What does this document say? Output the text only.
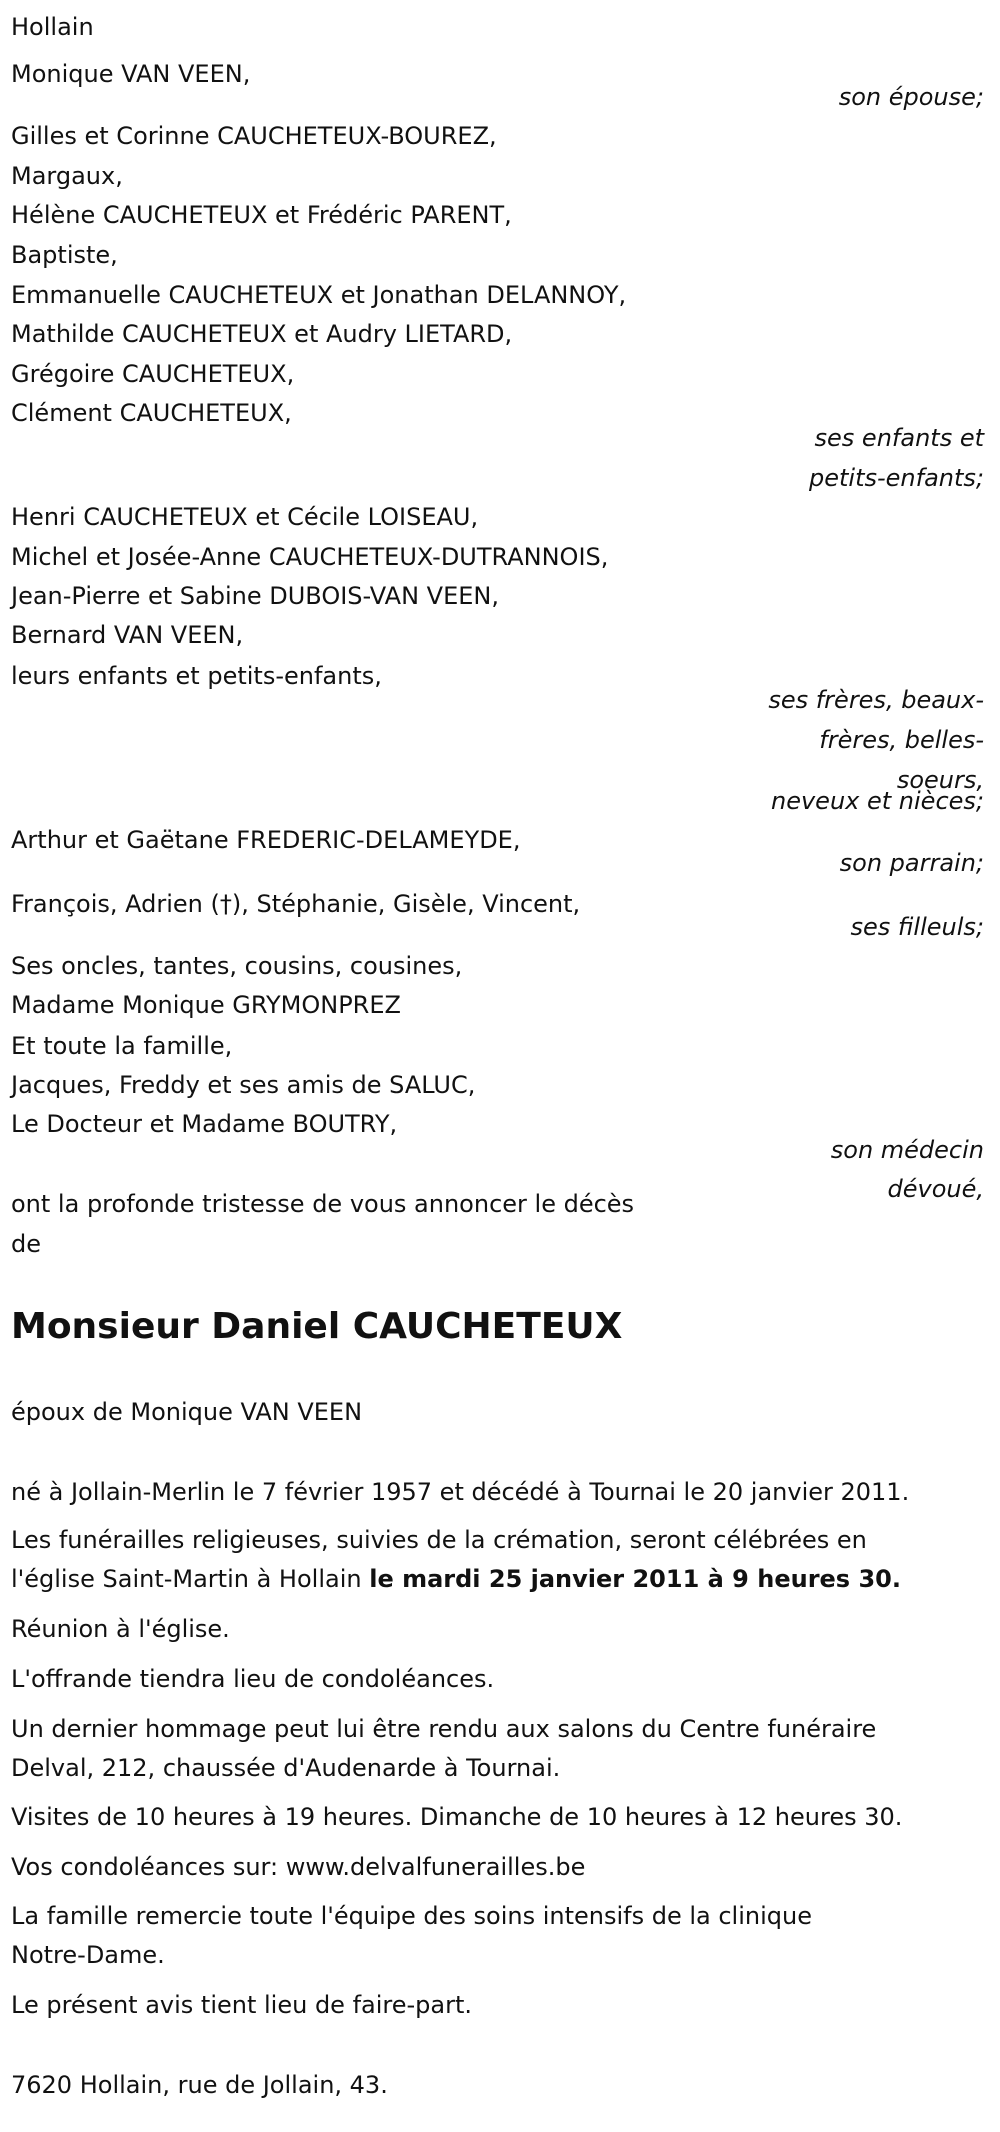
Hollain
Monique VAN VEEN,
son épouse;
Gilles et Corinne CAUCHETEUX-BOUREZ,
Margaux,
Hélène CAUCHETEUX et Frédéric PARENT,
Baptiste,
Emmanuelle CAUCHETEUX et Jonathan DELANNOY,
Mathilde CAUCHETEUX et Audry LIETARD,
Grégoire CAUCHETEUX,
Clément CAUCHETEUX,
ses enfants et
petits-enfants;
Henri CAUCHETEUX et Cécile LOISEAU,
Michel et Josée-Anne CAUCHETEUX-DUTRANNOIS,
Jean-Pierre et Sabine DUBOIS-VAN VEEN,
Bernard VAN VEEN,
leurs enfants et petits-enfants,
ses frères, beaux-
frères, belles-
soeurs,
neveux et nièces;
Arthur et Gaëtane FREDERIC-DELAMEYDE,
son parrain;
François, Adrien (†), Stéphanie, Gisèle, Vincent,
ses filleuls;
Ses oncles, tantes, cousins, cousines,
Madame Monique GRYMONPREZ
Et toute la famille,
Jacques, Freddy et ses amis de SALUC,
Le Docteur et Madame BOUTRY,
son médecin
dévoué,
ont la profonde tristesse de vous annoncer le décès
de
Monsieur Daniel CAUCHETEUX
époux de Monique VAN VEEN
né à Jollain-Merlin le 7 février 1957 et décédé à Tournai le 20 janvier 2011.
Les funérailles religieuses, suivies de la crémation, seront célébrées en
l'église Saint-Martin à Hollain le mardi 25 janvier 2011 à 9 heures 30.
Réunion à l'église.
L'offrande tiendra lieu de condoléances.
Un dernier hommage peut lui être rendu aux salons du Centre funéraire
Delval, 212, chaussée d'Audenarde à Tournai.
Visites de 10 heures à 19 heures. Dimanche de 10 heures à 12 heures 30.
Vos condoléances sur: www.delvalfunerailles.be
La famille remercie toute l'équipe des soins intensifs de la clinique
Notre-Dame.
Le présent avis tient lieu de faire-part.
7620 Hollain, rue de Jollain, 43.
